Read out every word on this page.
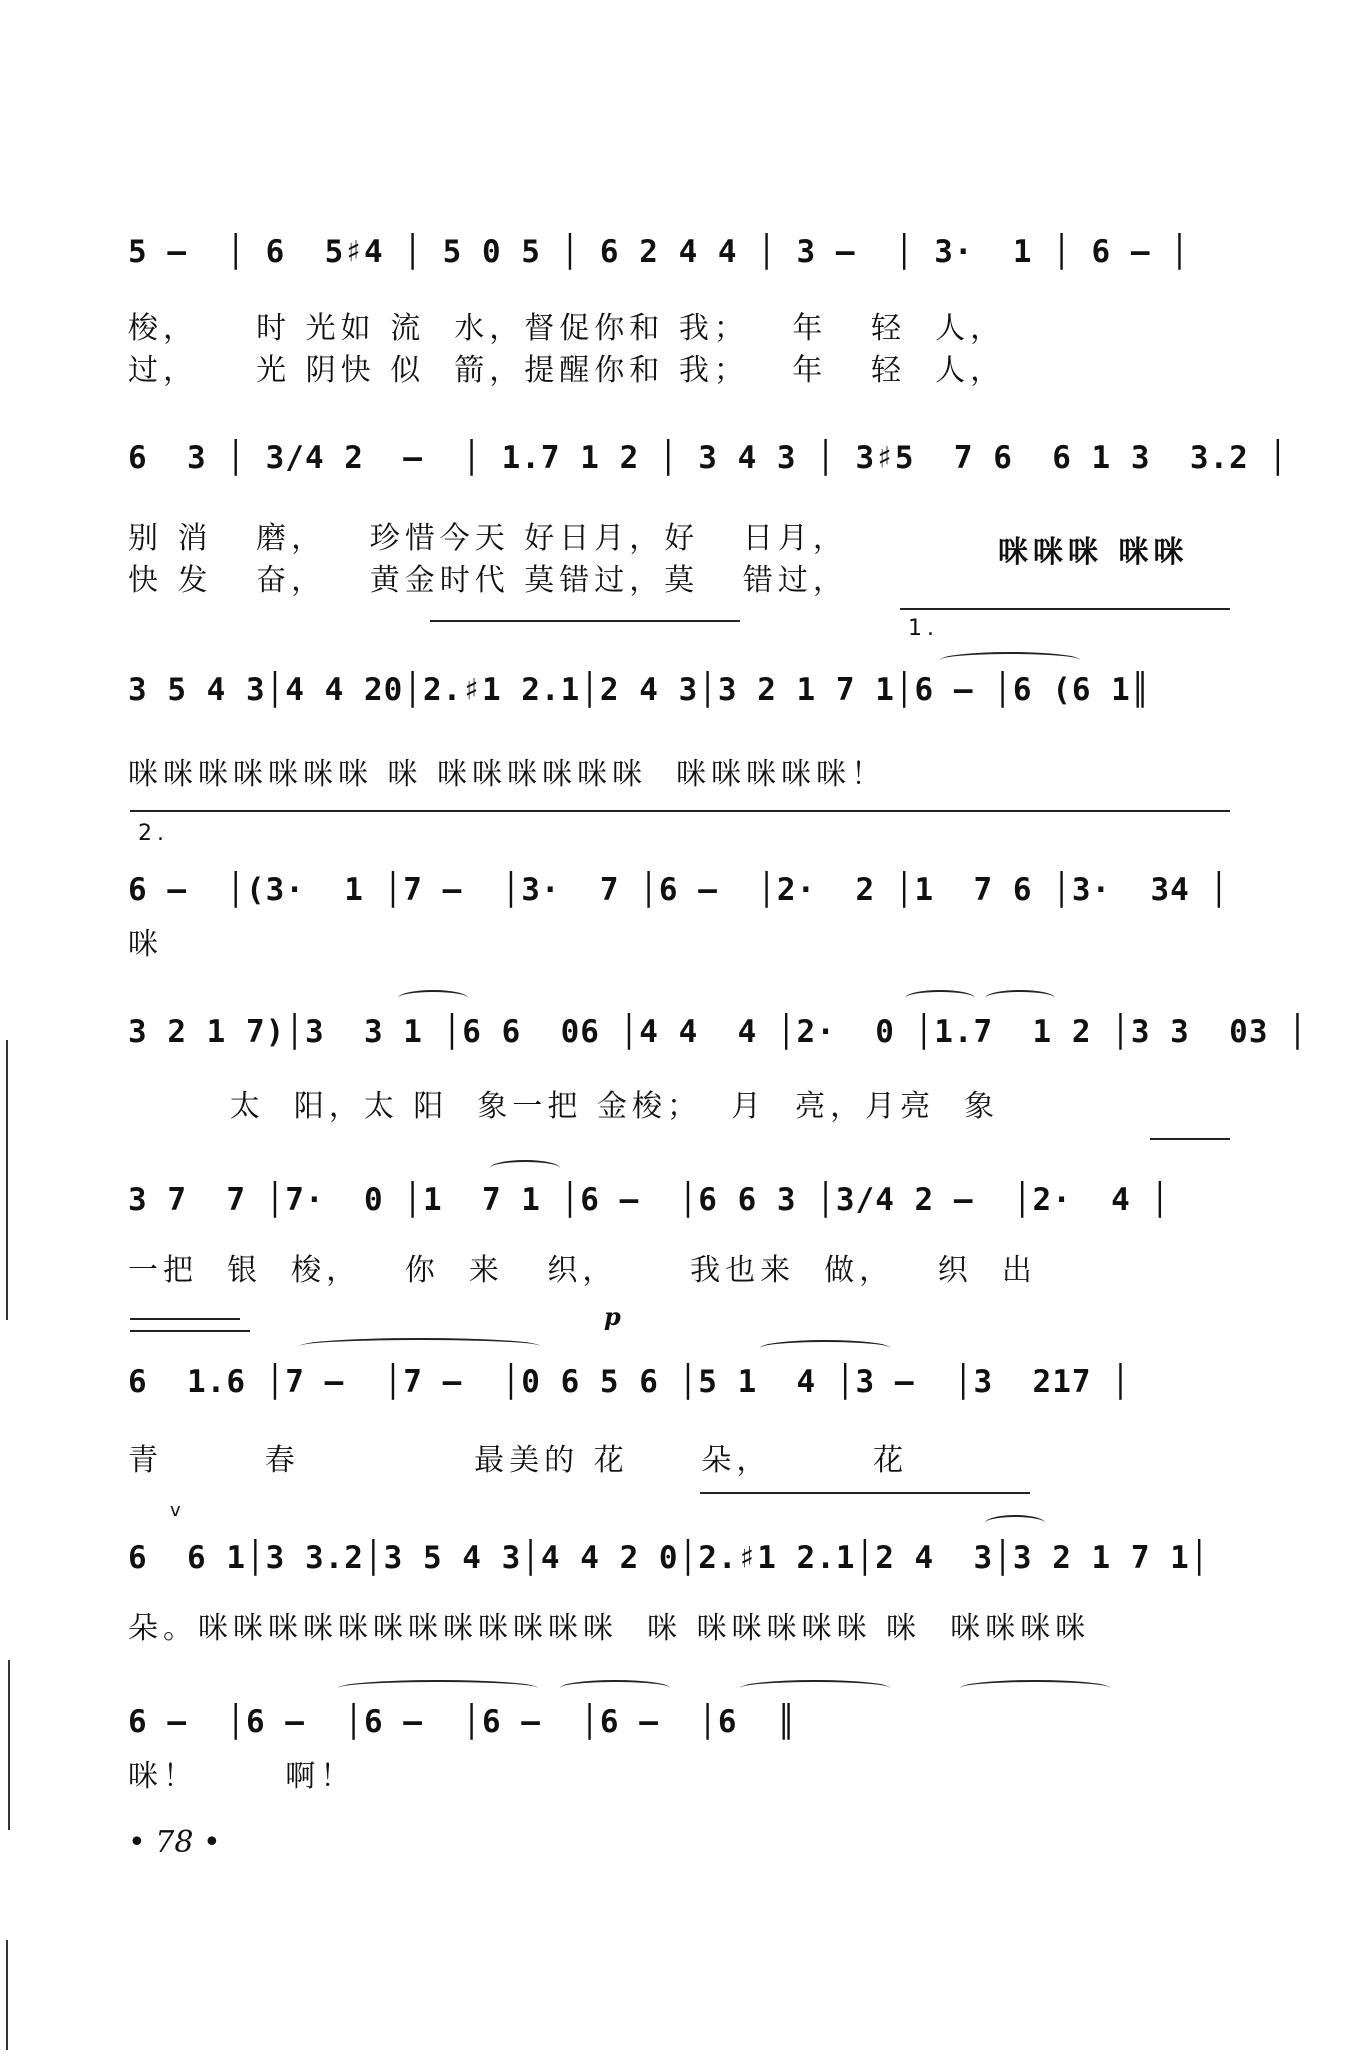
5 –  │ 6  5♯4 │ 5 0 5 │ 6 2 4 4 │ 3 –  │ 3·  1 │ 6 – │
梭，    时 光如 流  水，督促你和 我；   年   轻  人，
过，    光 阴快 似  箭，提醒你和 我；   年   轻  人，
6  3 │ 3/4 2  –  │ 1.7 1 2 │ 3 4 3 │ 3♯5  7 6  6 1 3  3.2 │
别 消   磨，   珍惜今天 好日月，好   日月，
快 发   奋，   黄金时代 莫错过，莫   错过，
咪咪咪 咪咪
1.
3 5 4 3│4 4 20│2.♯1 2.1│2 4 3│3 2 1 7 1│6 – │6 (6 1║
咪咪咪咪咪咪咪 咪 咪咪咪咪咪咪  咪咪咪咪咪！
2.
6 –  │(3·  1 │7 –  │3·  7 │6 –  │2·  2 │1  7 6 │3·  34 │
咪
3 2 1 7)│3  3 1 │6 6  06 │4 4  4 │2·  0 │1.7  1 2 │3 3  03 │
太  阳，太 阳  象一把 金梭；  月  亮，月亮  象
3 7  7 │7·  0 │1  7 1 │6 –  │6 6 3 │3/4 2 –  │2·  4 │
一把  银  梭，   你  来   织，     我也来  做，   织  出
p
6  1.6 │7 –  │7 –  │0 6 5 6 │5 1  4 │3 –  │3  217 │
青       春            最美的 花     朵，       花
v
6  6 1│3 3.2│3 5 4 3│4 4 2 0│2.♯1 2.1│2 4  3│3 2 1 7 1│
朵。咪咪咪咪咪咪咪咪咪咪咪咪  咪 咪咪咪咪咪 咪  咪咪咪咪
6 –  │6 –  │6 –  │6 –  │6 –  │6  ║
咪！      啊！
• 78 •
